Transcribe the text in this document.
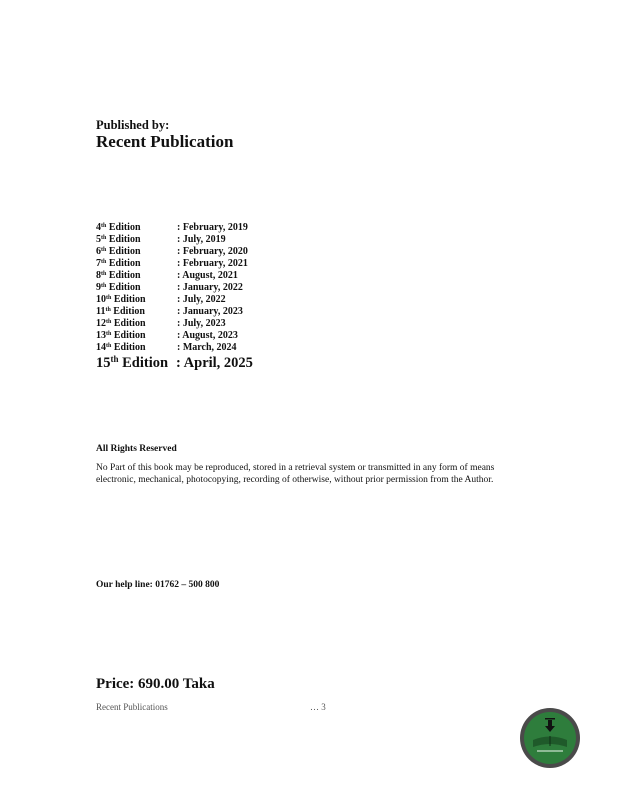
Published by:
Recent Publication
4th Edition	: February, 2019
5th Edition	: July, 2019
6th Edition	: February, 2020
7th Edition	: February, 2021
8th Edition	: August, 2021
9th Edition	: January, 2022
10th Edition	: July, 2022
11th Edition	: January, 2023
12th Edition	: July, 2023
13th Edition	: August, 2023
14th Edition	: March, 2024
15th Edition : April, 2025
All Rights Reserved
No Part of this book may be reproduced, stored in a retrieval system or transmitted in any form of means electronic, mechanical, photocopying, recording of otherwise, without prior permission from the Author.
Our help line: 01762 – 500 800
Price: 690.00 Taka
Recent Publications	… 3
